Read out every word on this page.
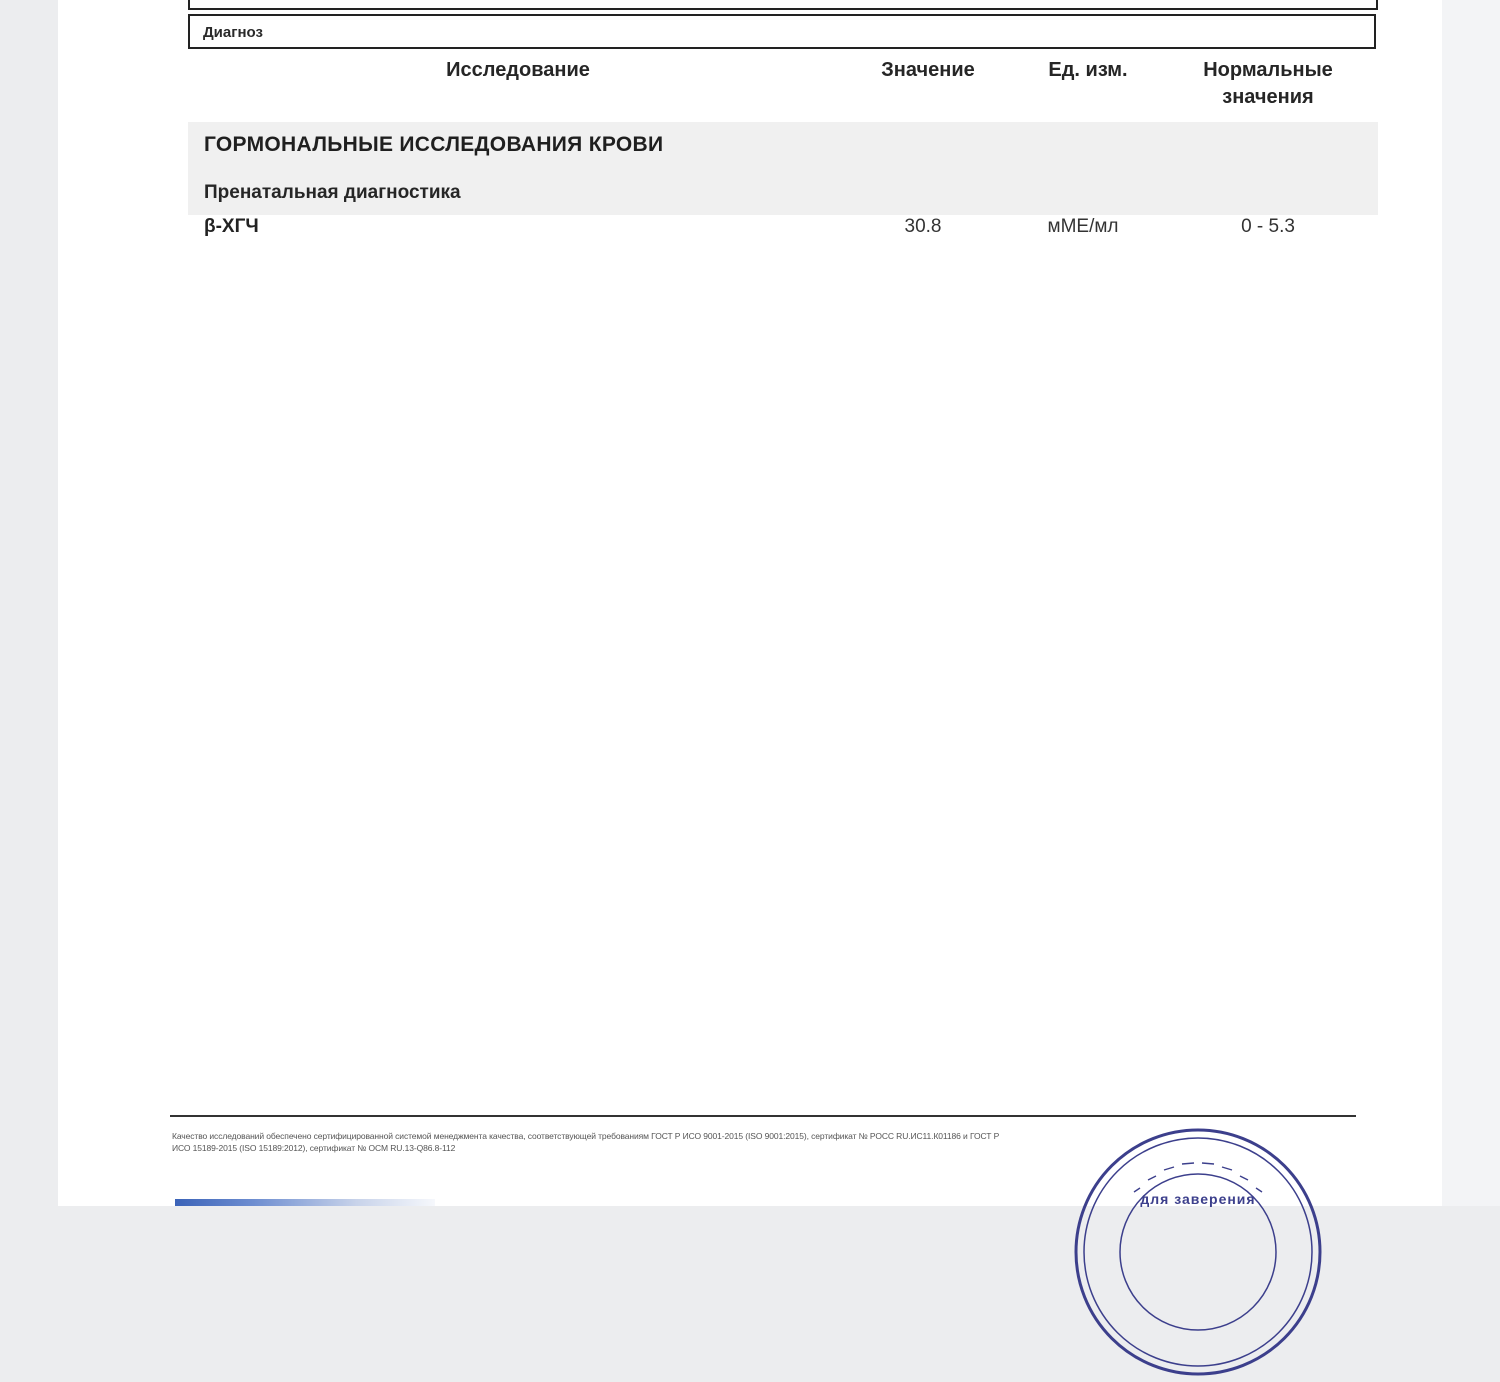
Диагноз
Исследование	Значение	Ед. изм.	Нормальные
значения
ГОРМОНАЛЬНЫЕ ИССЛЕДОВАНИЯ КРОВИ
Пренатальная диагностика
β-ХГЧ	30.8	мМЕ/мл	0 - 5.3
Качество исследований обеспечено сертифицированной системой менеджмента качества, соответствующей требованиям ГОСТ Р ИСО 9001-2015 (ISO 9001:2015), сертификат № РОСС RU.ИС11.К01186 и ГОСТ Р ИСО 15189-2015 (ISO 15189:2012), сертификат № ОСМ RU.13-Q86.8-112
для заверения
